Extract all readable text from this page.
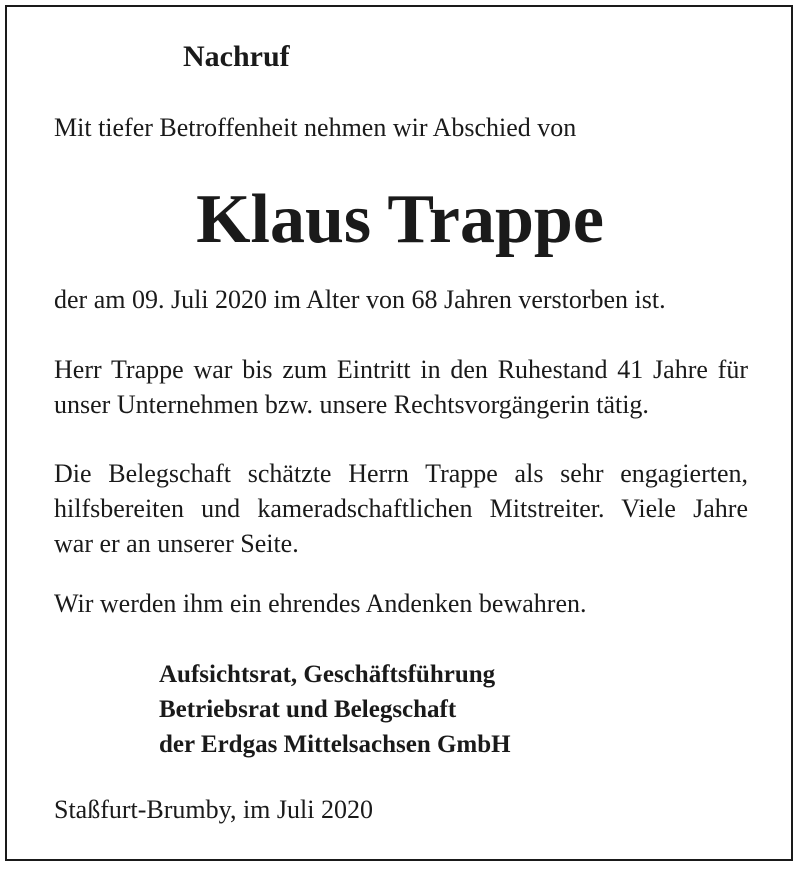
Nachruf
Mit tiefer Betroffenheit nehmen wir Abschied von
Klaus Trappe
der am 09. Juli 2020 im Alter von 68 Jahren verstorben ist.
Herr Trappe war bis zum Eintritt in den Ruhestand 41 Jahre für
unser Unternehmen bzw. unsere Rechtsvorgängerin tätig.
Die Belegschaft schätzte Herrn Trappe als sehr engagierten,
hilfsbereiten und kameradschaftlichen Mitstreiter. Viele Jahre
war er an unserer Seite.
Wir werden ihm ein ehrendes Andenken bewahren.
Aufsichtsrat, Geschäftsführung
Betriebsrat und Belegschaft
der Erdgas Mittelsachsen GmbH
Staßfurt-Brumby, im Juli 2020
